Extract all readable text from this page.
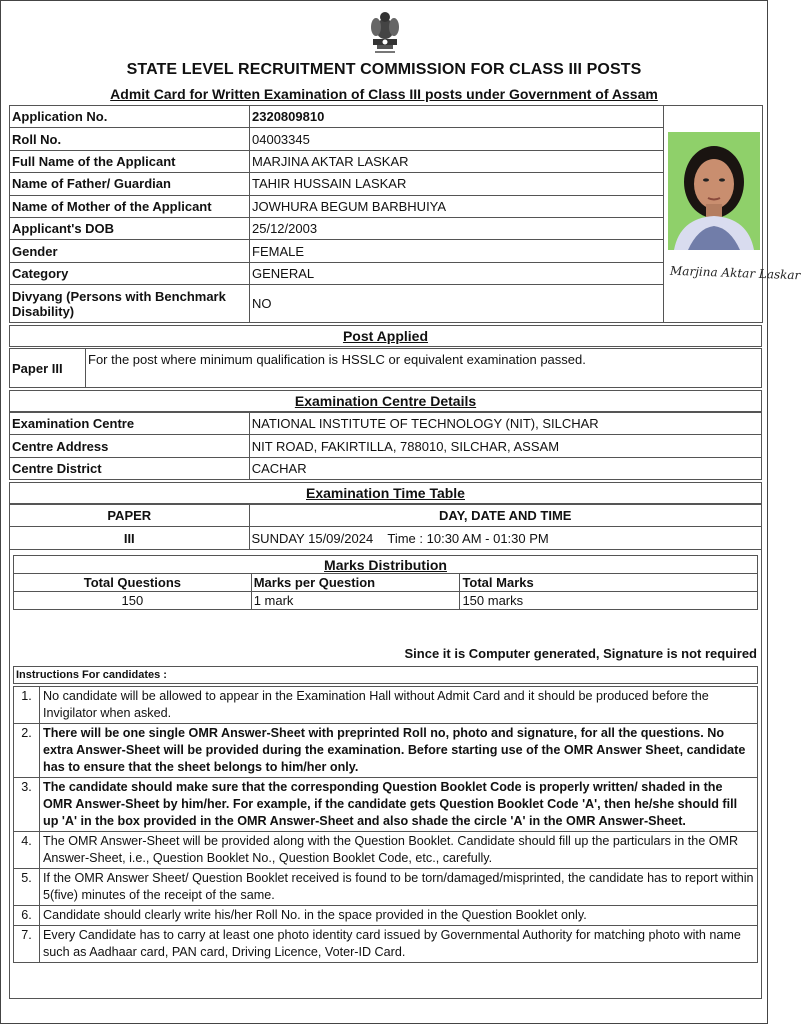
STATE LEVEL RECRUITMENT COMMISSION FOR CLASS III POSTS
Admit Card for Written Examination of Class III posts under Government of Assam
Application No.	2320809810	Marjina Aktar Laskar

Roll No.	04003345	
Full Name of the Applicant	MARJINA AKTAR LASKAR	
Name of Father/ Guardian	TAHIR HUSSAIN LASKAR	
Name of Mother of the Applicant	JOWHURA BEGUM BARBHUIYA	
Applicant's DOB	25/12/2003	
Gender	FEMALE	
Category	GENERAL	
Divyang (Persons with Benchmark Disability)	NO	
Post Applied
Paper III	For the post where minimum qualification is HSSLC or equivalent examination passed.
Examination Centre Details
Examination Centre	NATIONAL INSTITUTE OF TECHNOLOGY (NIT), SILCHAR
Centre Address	NIT ROAD, FAKIRTILLA, 788010, SILCHAR, ASSAM
Centre District	CACHAR
Examination Time Table
PAPER	DAY, DATE AND TIME
III	SUNDAY 15/09/2024    Time : 10:30 AM - 01:30 PM
Marks Distribution		
Total Questions	Marks per Question	Total Marks
150	1 mark	150 marks
Since it is Computer generated, Signature is not required
Instructions For candidates :
1.	No candidate will be allowed to appear in the Examination Hall without Admit Card and it should be produced before the Invigilator when asked.
2.	There will be one single OMR Answer-Sheet with preprinted Roll no, photo and signature, for all the questions. No extra Answer-Sheet will be provided during the examination. Before starting use of the OMR Answer Sheet, candidate has to ensure that the sheet belongs to him/her only.
3.	The candidate should make sure that the corresponding Question Booklet Code is properly written/ shaded in the OMR Answer-Sheet by him/her. For example, if the candidate gets Question Booklet Code 'A', then he/she should fill up 'A' in the box provided in the OMR Answer-Sheet and also shade the circle 'A' in the OMR Answer-Sheet.
4.	The OMR Answer-Sheet will be provided along with the Question Booklet. Candidate should fill up the particulars in the OMR Answer-Sheet, i.e., Question Booklet No., Question Booklet Code, etc., carefully.
5.	If the OMR Answer Sheet/ Question Booklet received is found to be torn/damaged/misprinted, the candidate has to report within 5(five) minutes of the receipt of the same.
6.	Candidate should clearly write his/her Roll No. in the space provided in the Question Booklet only.
7.	Every Candidate has to carry at least one photo identity card issued by Governmental Authority for matching photo with name such as Aadhaar card, PAN card, Driving Licence, Voter-ID Card.
